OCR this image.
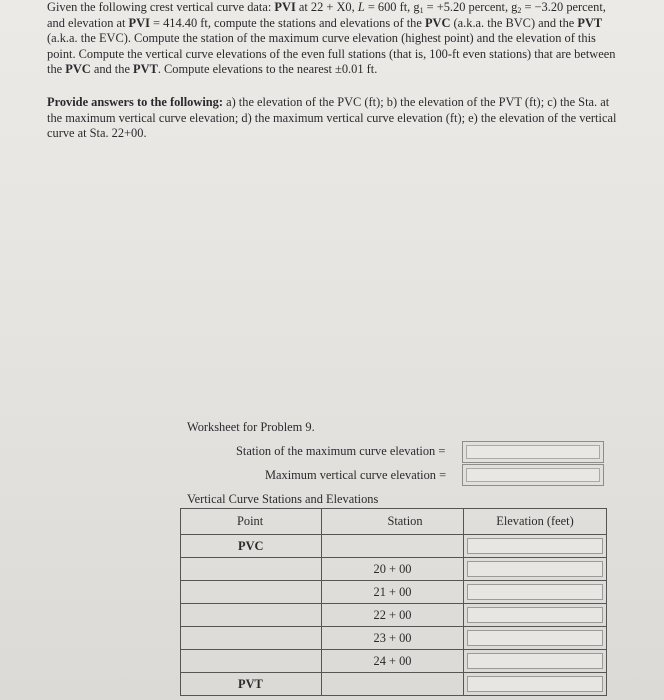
Given the following crest vertical curve data: PVI at 22 + X0, L = 600 ft, $g_1 = +5.20$ percent, $g_2 = -3.20$ percent, and elevation at PVI = 414.40 ft, compute the stations and elevations of the PVC (a.k.a. the BVC) and the PVT (a.k.a. the EVC). Compute the station of the maximum curve elevation (highest point) and the elevation of this point. Compute the vertical curve elevations of the even full stations (that is, 100-ft even stations) that are between the PVC and the PVT. Compute elevations to the nearest ±0.01 ft.

Provide answers to the following: a) the elevation of the PVC (ft); b) the elevation of the PVT (ft); c) the Sta. at the maximum vertical curve elevation; d) the maximum vertical curve elevation (ft); e) the elevation of the vertical curve at Sta. 22+00.

Worksheet for Problem 9.
Station of the maximum curve elevation =
Maximum vertical curve elevation =
Vertical Curve Stations and Elevations
Point	Station	Elevation (feet)
PVC		

	20 + 00	

	21 + 00	

	22 + 00	

	23 + 00	

	24 + 00	

PVT		
